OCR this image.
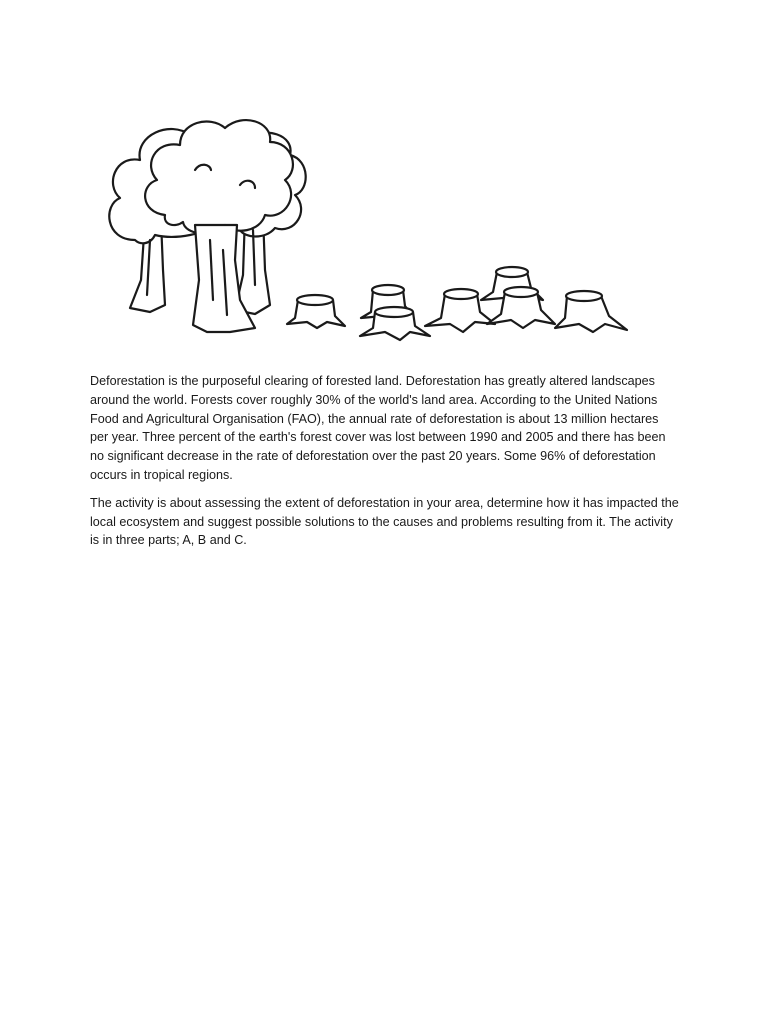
Deforestation is the purposeful clearing of forested land. Deforestation has greatly altered landscapes around the world. Forests cover roughly 30% of the world's land area. According to the United Nations Food and Agricultural Organisation (FAO), the annual rate of deforestation is about 13 million hectares per year. Three percent of the earth's forest cover was lost between 1990 and 2005 and there has been no significant decrease in the rate of deforestation over the past 20 years. Some 96% of deforestation occurs in tropical regions.

The activity is about assessing the extent of deforestation in your area, determine how it has impacted the local ecosystem and suggest possible solutions to the causes and problems resulting from it. The activity is in three parts; A, B and C.
